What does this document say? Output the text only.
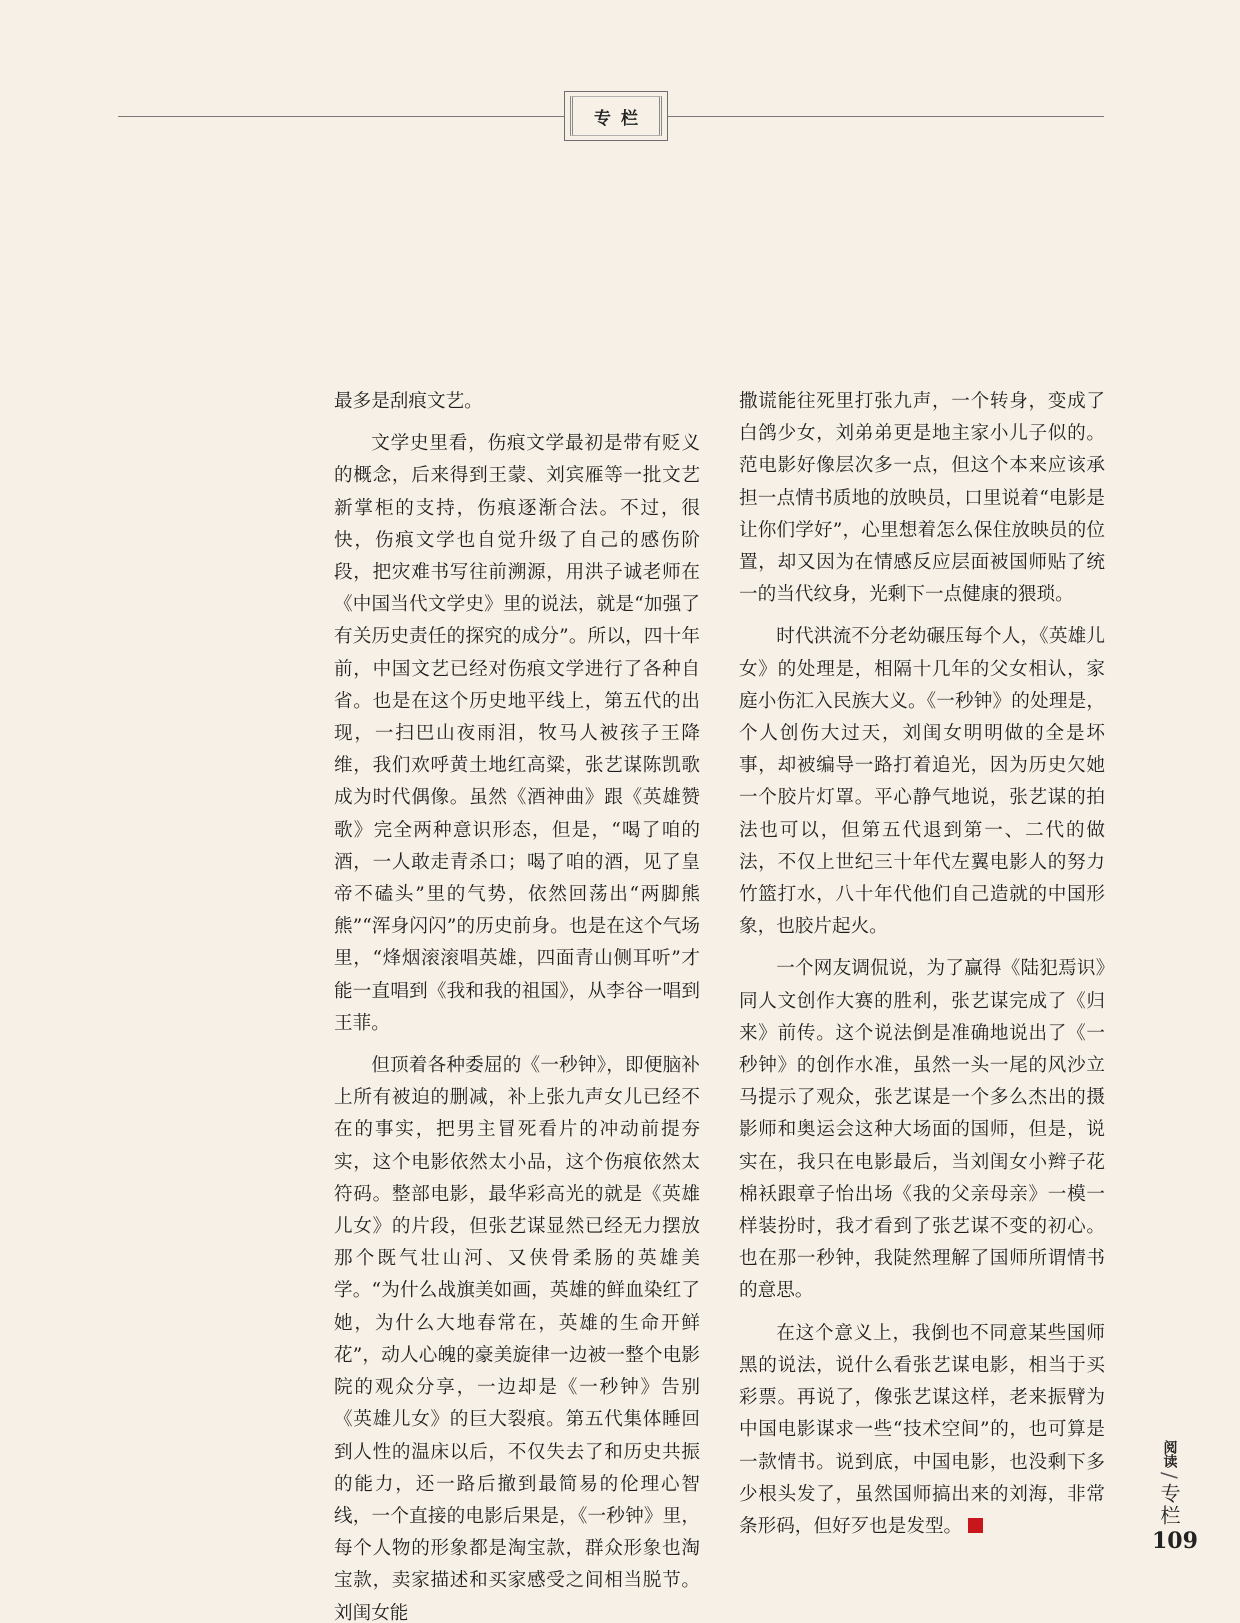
专栏

最多是刮痕文艺。

文学史里看，伤痕文学最初是带有贬义的概念，后来得到王蒙、刘宾雁等一批文艺新掌柜的支持，伤痕逐渐合法。不过，很快，伤痕文学也自觉升级了自己的感伤阶段，把灾难书写往前溯源，用洪子诚老师在《中国当代文学史》里的说法，就是“加强了有关历史责任的探究的成分”。所以，四十年前，中国文艺已经对伤痕文学进行了各种自省。也是在这个历史地平线上，第五代的出现，一扫巴山夜雨泪，牧马人被孩子王降维，我们欢呼黄土地红高粱，张艺谋陈凯歌成为时代偶像。虽然《酒神曲》跟《英雄赞歌》完全两种意识形态，但是，“喝了咱的酒，一人敢走青杀口；喝了咱的酒，见了皇帝不磕头”里的气势，依然回荡出“两脚熊熊”“浑身闪闪”的历史前身。也是在这个气场里，“烽烟滚滚唱英雄，四面青山侧耳听”才能一直唱到《我和我的祖国》，从李谷一唱到王菲。

但顶着各种委屈的《一秒钟》，即便脑补上所有被迫的删减，补上张九声女儿已经不在的事实，把男主冒死看片的冲动前提夯实，这个电影依然太小品，这个伤痕依然太符码。整部电影，最华彩高光的就是《英雄儿女》的片段，但张艺谋显然已经无力摆放那个既气壮山河、又侠骨柔肠的英雄美学。“为什么战旗美如画，英雄的鲜血染红了她，为什么大地春常在，英雄的生命开鲜花”，动人心魄的豪美旋律一边被一整个电影院的观众分享，一边却是《一秒钟》告别《英雄儿女》的巨大裂痕。第五代集体睡回到人性的温床以后，不仅失去了和历史共振的能力，还一路后撤到最简易的伦理心智线，一个直接的电影后果是，《一秒钟》里，每个人物的形象都是淘宝款，群众形象也淘宝款，卖家描述和买家感受之间相当脱节。刘闺女能

撒谎能往死里打张九声，一个转身，变成了白鸽少女，刘弟弟更是地主家小儿子似的。范电影好像层次多一点，但这个本来应该承担一点情书质地的放映员，口里说着“电影是让你们学好”，心里想着怎么保住放映员的位置，却又因为在情感反应层面被国师贴了统一的当代纹身，光剩下一点健康的猥琐。

时代洪流不分老幼碾压每个人，《英雄儿女》的处理是，相隔十几年的父女相认，家庭小伤汇入民族大义。《一秒钟》的处理是，个人创伤大过天，刘闺女明明做的全是坏事，却被编导一路打着追光，因为历史欠她一个胶片灯罩。平心静气地说，张艺谋的拍法也可以，但第五代退到第一、二代的做法，不仅上世纪三十年代左翼电影人的努力竹篮打水，八十年代他们自己造就的中国形象，也胶片起火。

一个网友调侃说，为了赢得《陆犯焉识》同人文创作大赛的胜利，张艺谋完成了《归来》前传。这个说法倒是准确地说出了《一秒钟》的创作水准，虽然一头一尾的风沙立马提示了观众，张艺谋是一个多么杰出的摄影师和奥运会这种大场面的国师，但是，说实在，我只在电影最后，当刘闺女小辫子花棉袄跟章子怡出场《我的父亲母亲》一模一样装扮时，我才看到了张艺谋不变的初心。也在那一秒钟，我陡然理解了国师所谓情书的意思。

在这个意义上，我倒也不同意某些国师黑的说法，说什么看张艺谋电影，相当于买彩票。再说了，像张艺谋这样，老来振臂为中国电影谋求一些“技术空间”的，也可算是一款情书。说到底，中国电影，也没剩下多少根头发了，虽然国师搞出来的刘海，非常条形码，但好歹也是发型。

阅读
/
专栏
109
